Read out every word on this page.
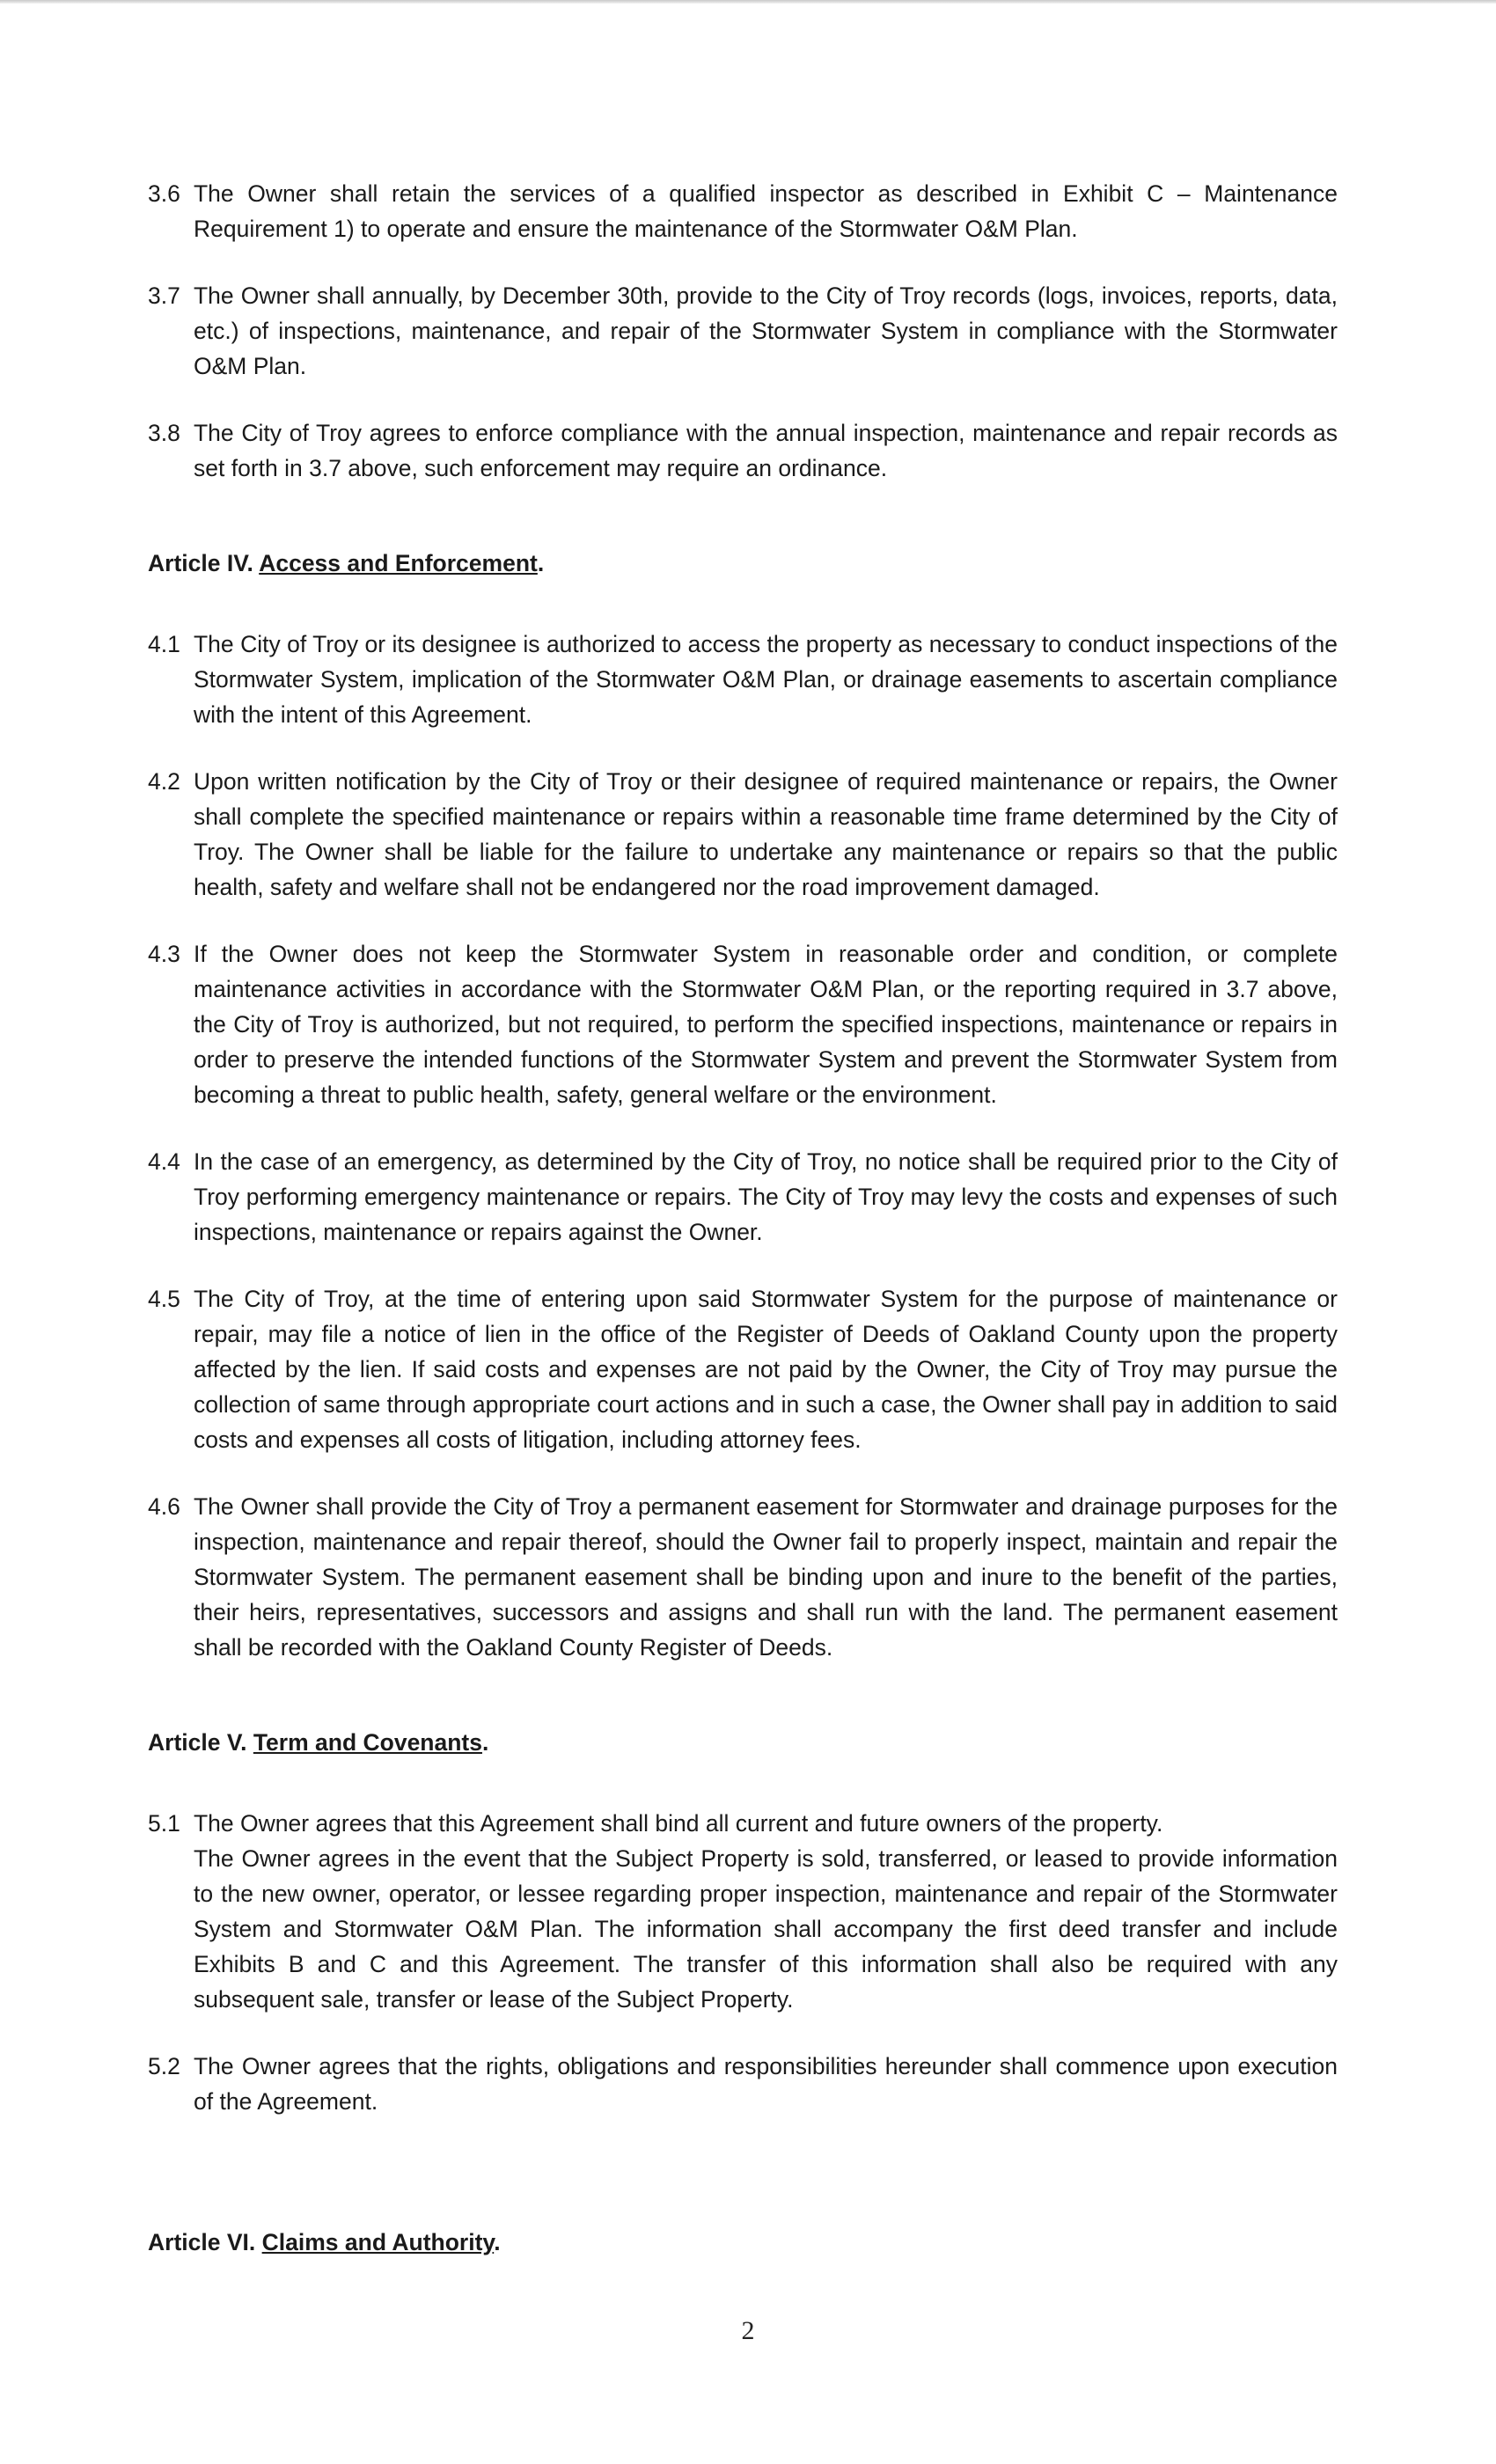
3.6 The Owner shall retain the services of a qualified inspector as described in Exhibit C – Maintenance Requirement 1) to operate and ensure the maintenance of the Stormwater O&M Plan.

3.7 The Owner shall annually, by December 30th, provide to the City of Troy records (logs, invoices, reports, data, etc.) of inspections, maintenance, and repair of the Stormwater System in compliance with the Stormwater O&M Plan.

3.8 The City of Troy agrees to enforce compliance with the annual inspection, maintenance and repair records as set forth in 3.7 above, such enforcement may require an ordinance.

Article IV. Access and Enforcement.

4.1 The City of Troy or its designee is authorized to access the property as necessary to conduct inspections of the Stormwater System, implication of the Stormwater O&M Plan, or drainage easements to ascertain compliance with the intent of this Agreement.

4.2 Upon written notification by the City of Troy or their designee of required maintenance or repairs, the Owner shall complete the specified maintenance or repairs within a reasonable time frame determined by the City of Troy. The Owner shall be liable for the failure to undertake any maintenance or repairs so that the public health, safety and welfare shall not be endangered nor the road improvement damaged.

4.3 If the Owner does not keep the Stormwater System in reasonable order and condition, or complete maintenance activities in accordance with the Stormwater O&M Plan, or the reporting required in 3.7 above, the City of Troy is authorized, but not required, to perform the specified inspections, maintenance or repairs in order to preserve the intended functions of the Stormwater System and prevent the Stormwater System from becoming a threat to public health, safety, general welfare or the environment.

4.4 In the case of an emergency, as determined by the City of Troy, no notice shall be required prior to the City of Troy performing emergency maintenance or repairs. The City of Troy may levy the costs and expenses of such inspections, maintenance or repairs against the Owner.

4.5 The City of Troy, at the time of entering upon said Stormwater System for the purpose of maintenance or repair, may file a notice of lien in the office of the Register of Deeds of Oakland County upon the property affected by the lien. If said costs and expenses are not paid by the Owner, the City of Troy may pursue the collection of same through appropriate court actions and in such a case, the Owner shall pay in addition to said costs and expenses all costs of litigation, including attorney fees.

4.6 The Owner shall provide the City of Troy a permanent easement for Stormwater and drainage purposes for the inspection, maintenance and repair thereof, should the Owner fail to properly inspect, maintain and repair the Stormwater System. The permanent easement shall be binding upon and inure to the benefit of the parties, their heirs, representatives, successors and assigns and shall run with the land. The permanent easement shall be recorded with the Oakland County Register of Deeds.

Article V. Term and Covenants.

5.1 The Owner agrees that this Agreement shall bind all current and future owners of the property.

The Owner agrees in the event that the Subject Property is sold, transferred, or leased to provide information to the new owner, operator, or lessee regarding proper inspection, maintenance and repair of the Stormwater System and Stormwater O&M Plan. The information shall accompany the first deed transfer and include Exhibits B and C and this Agreement. The transfer of this information shall also be required with any subsequent sale, transfer or lease of the Subject Property.

5.2 The Owner agrees that the rights, obligations and responsibilities hereunder shall commence upon execution of the Agreement.

Article VI. Claims and Authority.

2
